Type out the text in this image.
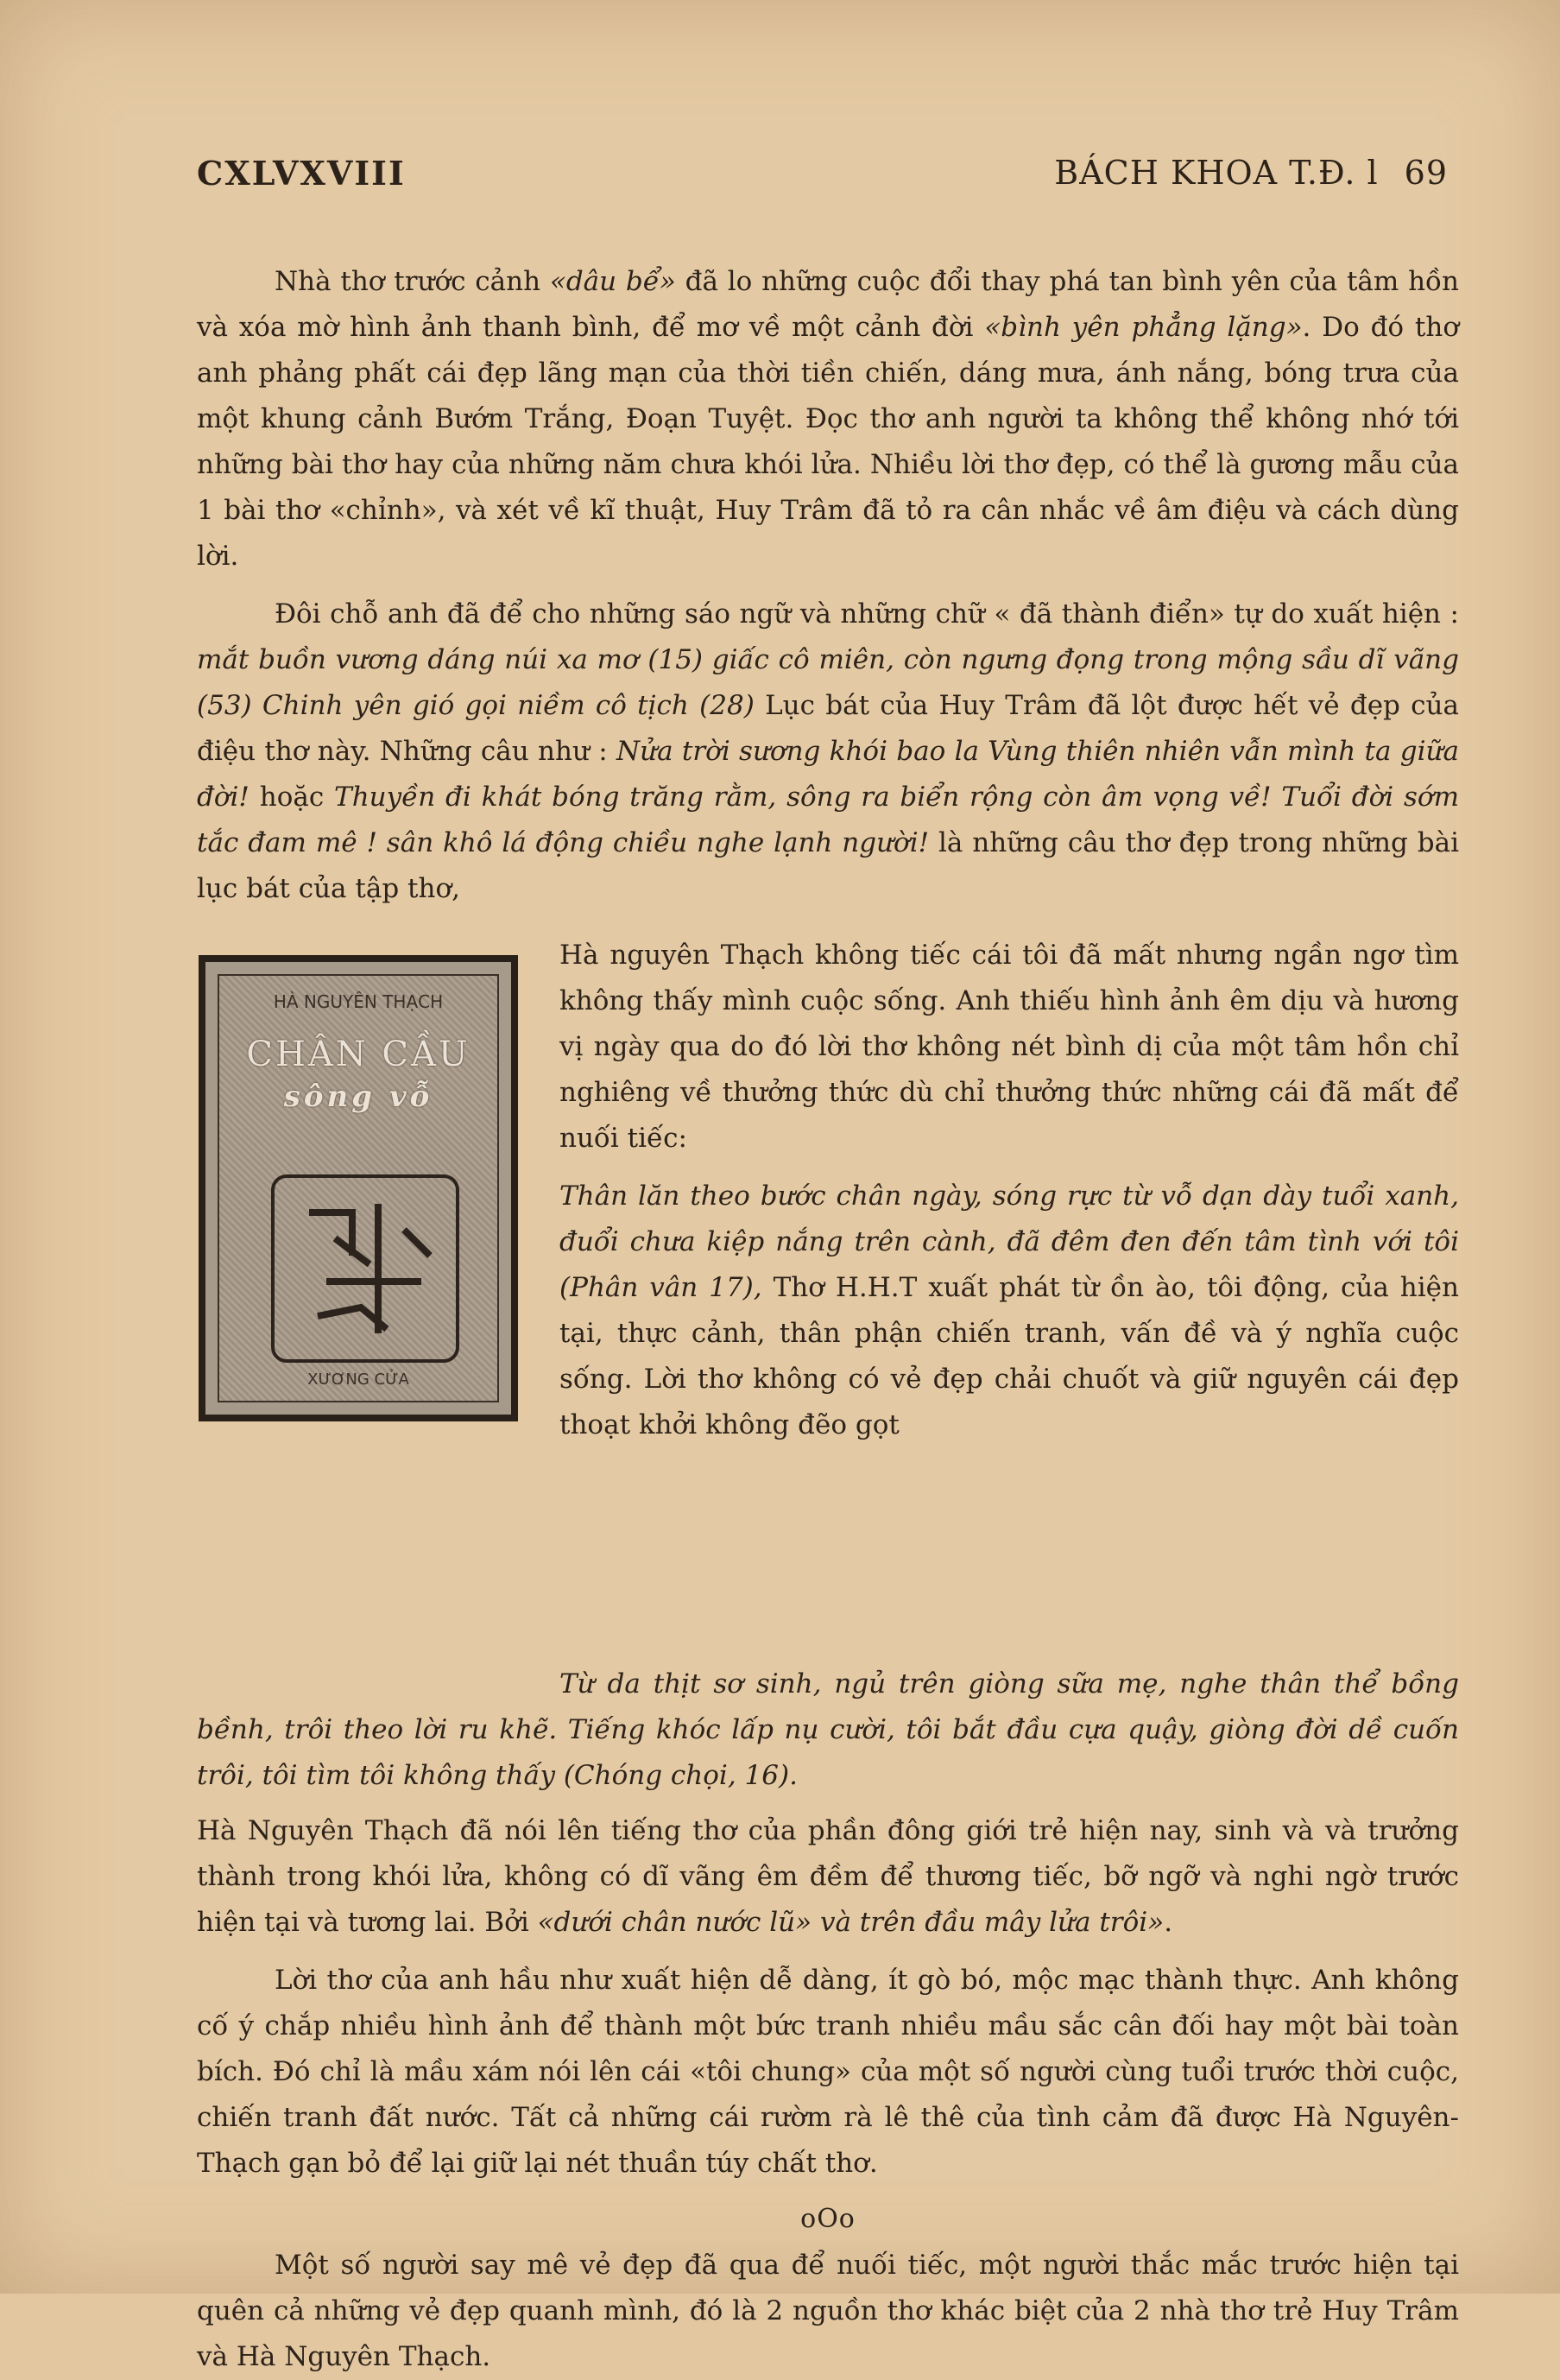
CXLVXVIII	BÁCH KHOA T.Đ. l 69

Nhà thơ trước cảnh «dâu bể» đã lo những cuộc đổi thay phá tan bình yên của tâm hồn và xóa mờ hình ảnh thanh bình, để mơ về một cảnh đời «bình yên phẳng lặng». Do đó thơ anh phảng phất cái đẹp lãng mạn của thời tiền chiến, dáng mưa, ánh nắng, bóng trưa của một khung cảnh Bướm Trắng, Đoạn Tuyệt. Đọc thơ anh người ta không thể không nhớ tới những bài thơ hay của những năm chưa khói lửa. Nhiều lời thơ đẹp, có thể là gương mẫu của 1 bài thơ «chỉnh», và xét về kĩ thuật, Huy Trâm đã tỏ ra cân nhắc về âm điệu và cách dùng lời.

Đôi chỗ anh đã để cho những sáo ngữ và những chữ « đã thành điển» tự do xuất hiện : mắt buồn vương dáng núi xa mơ (15) giấc cô miên, còn ngưng đọng trong mộng sầu dĩ vãng (53) Chinh yên gió gọi niềm cô tịch (28) Lục bát của Huy Trâm đã lột được hết vẻ đẹp của điệu thơ này. Những câu như : Nửa trời sương khói bao la Vùng thiên nhiên vẫn mình ta giữa đời! hoặc Thuyền đi khát bóng trăng rằm, sông ra biển rộng còn âm vọng về! Tuổi đời sớm tắc đam mê ! sân khô lá động chiều nghe lạnh người! là những câu thơ đẹp trong những bài lục bát của tập thơ,

HÀ NGUYÊN THẠCH
CHÂN CẦU
sông vỗ
XƯƠNG CỬA

Hà nguyên Thạch không tiếc cái tôi đã mất nhưng ngần ngơ tìm không thấy mình cuộc sống. Anh thiếu hình ảnh êm dịu và hương vị ngày qua do đó lời thơ không nét bình dị của một tâm hồn chỉ nghiêng về thưởng thức dù chỉ thưởng thức những cái đã mất để nuối tiếc:

Thân lăn theo bước chân ngày, sóng rực từ vỗ dạn dày tuổi xanh, đuổi chưa kiệp nắng trên cành, đã đêm đen đến tâm tình với tôi (Phân vân 17), Thơ H.H.T xuất phát từ ồn ào, tôi động, của hiện tại, thực cảnh, thân phận chiến tranh, vấn đề và ý nghĩa cuộc sống. Lời thơ không có vẻ đẹp chải chuốt và giữ nguyên cái đẹp thoạt khởi không đẽo gọt

Từ da thịt sơ sinh, ngủ trên giòng sữa mẹ, nghe thân thể bồng bềnh, trôi theo lời ru khẽ. Tiếng khóc lấp nụ cười, tôi bắt đầu cựa quậy, giòng đời dề cuốn trôi, tôi tìm tôi không thấy (Chóng chọi, 16).

Hà Nguyên Thạch đã nói lên tiếng thơ của phần đông giới trẻ hiện nay, sinh và và trưởng thành trong khói lửa, không có dĩ vãng êm đềm để thương tiếc, bỡ ngỡ và nghi ngờ trước hiện tại và tương lai. Bởi «dưới chân nước lũ» và trên đầu mây lửa trôi».

Lời thơ của anh hầu như xuất hiện dễ dàng, ít gò bó, mộc mạc thành thực. Anh không cố ý chắp nhiều hình ảnh để thành một bức tranh nhiều mầu sắc cân đối hay một bài toàn bích. Đó chỉ là mầu xám nói lên cái «tôi chung» của một số người cùng tuổi trước thời cuộc, chiến tranh đất nước. Tất cả những cái rườm rà lê thê của tình cảm đã được Hà Nguyên-Thạch gạn bỏ để lại giữ lại nét thuần túy chất thơ.

oOo

Một số người say mê vẻ đẹp đã qua để nuối tiếc, một người thắc mắc trước hiện tại quên cả những vẻ đẹp quanh mình, đó là 2 nguồn thơ khác biệt của 2 nhà thơ trẻ Huy Trâm và Hà Nguyên Thạch.
